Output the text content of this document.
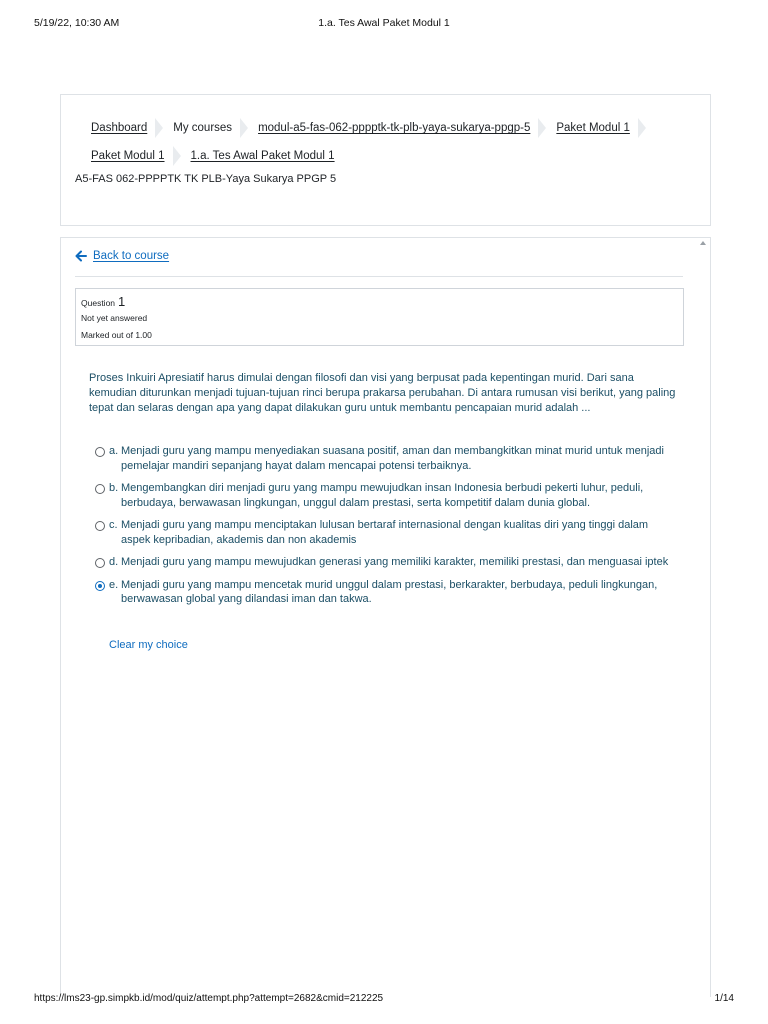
5/19/22, 10:30 AM	1.a. Tes Awal Paket Modul 1
Dashboard My courses modul-a5-fas-062-pppptk-tk-plb-yaya-sukarya-ppgp-5 Paket Modul 1
Paket Modul 1 1.a. Tes Awal Paket Modul 1
A5-FAS 062-PPPPTK TK PLB-Yaya Sukarya PPGP 5
Back to course
Question 1
Not yet answered
Marked out of 1.00
Proses Inkuiri Apresiatif harus dimulai dengan filosofi dan visi yang berpusat pada kepentingan murid. Dari sana kemudian diturunkan menjadi tujuan-tujuan rinci berupa prakarsa perubahan. Di antara rumusan visi berikut, yang paling tepat dan selaras dengan apa yang dapat dilakukan guru untuk membantu pencapaian murid adalah ...
a. Menjadi guru yang mampu menyediakan suasana positif, aman dan membangkitkan minat murid untuk menjadi pemelajar mandiri sepanjang hayat dalam mencapai potensi terbaiknya.
b. Mengembangkan diri menjadi guru yang mampu mewujudkan insan Indonesia berbudi pekerti luhur, peduli, berbudaya, berwawasan lingkungan, unggul dalam prestasi, serta kompetitif dalam dunia global.
c. Menjadi guru yang mampu menciptakan lulusan bertaraf internasional dengan kualitas diri yang tinggi dalam aspek kepribadian, akademis dan non akademis
d. Menjadi guru yang mampu mewujudkan generasi yang memiliki karakter, memiliki prestasi, dan menguasai iptek
e. Menjadi guru yang mampu mencetak murid unggul dalam prestasi, berkarakter, berbudaya, peduli lingkungan, berwawasan global yang dilandasi iman dan takwa.
Clear my choice
https://lms23-gp.simpkb.id/mod/quiz/attempt.php?attempt=2682&cmid=212225	1/14
